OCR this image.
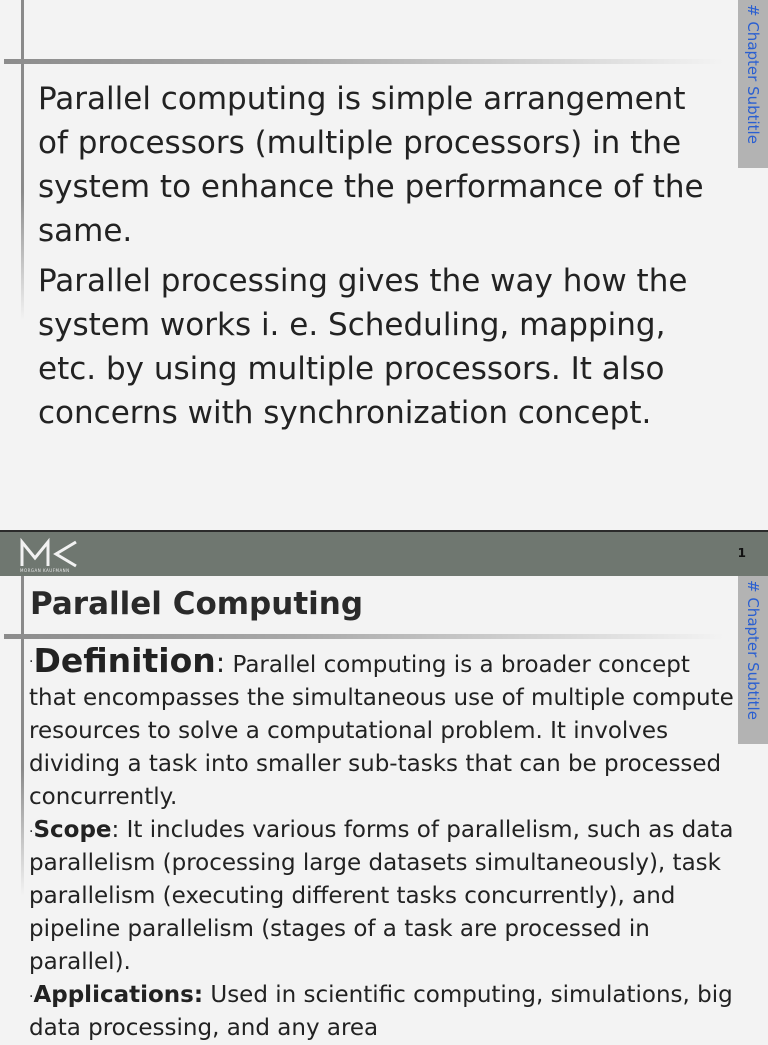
# Chapter Subtitle

Parallel computing is simple arrangement of processors (multiple processors) in the system to enhance the performance of the same.

Parallel processing gives the way how the system works i. e. Scheduling, mapping, etc. by using multiple processors. It also concerns with synchronization concept.

MORGAN KAUFMANN
1
# Chapter Subtitle
Parallel Computing

·Definition: Parallel computing is a broader concept that encompasses the simultaneous use of multiple compute resources to solve a computational problem. It involves dividing a task into smaller sub-tasks that can be processed concurrently.

·Scope: It includes various forms of parallelism, such as data parallelism (processing large datasets simultaneously), task parallelism (executing different tasks concurrently), and pipeline parallelism (stages of a task are processed in parallel).

·Applications: Used in scientific computing, simulations, big data processing, and any area
